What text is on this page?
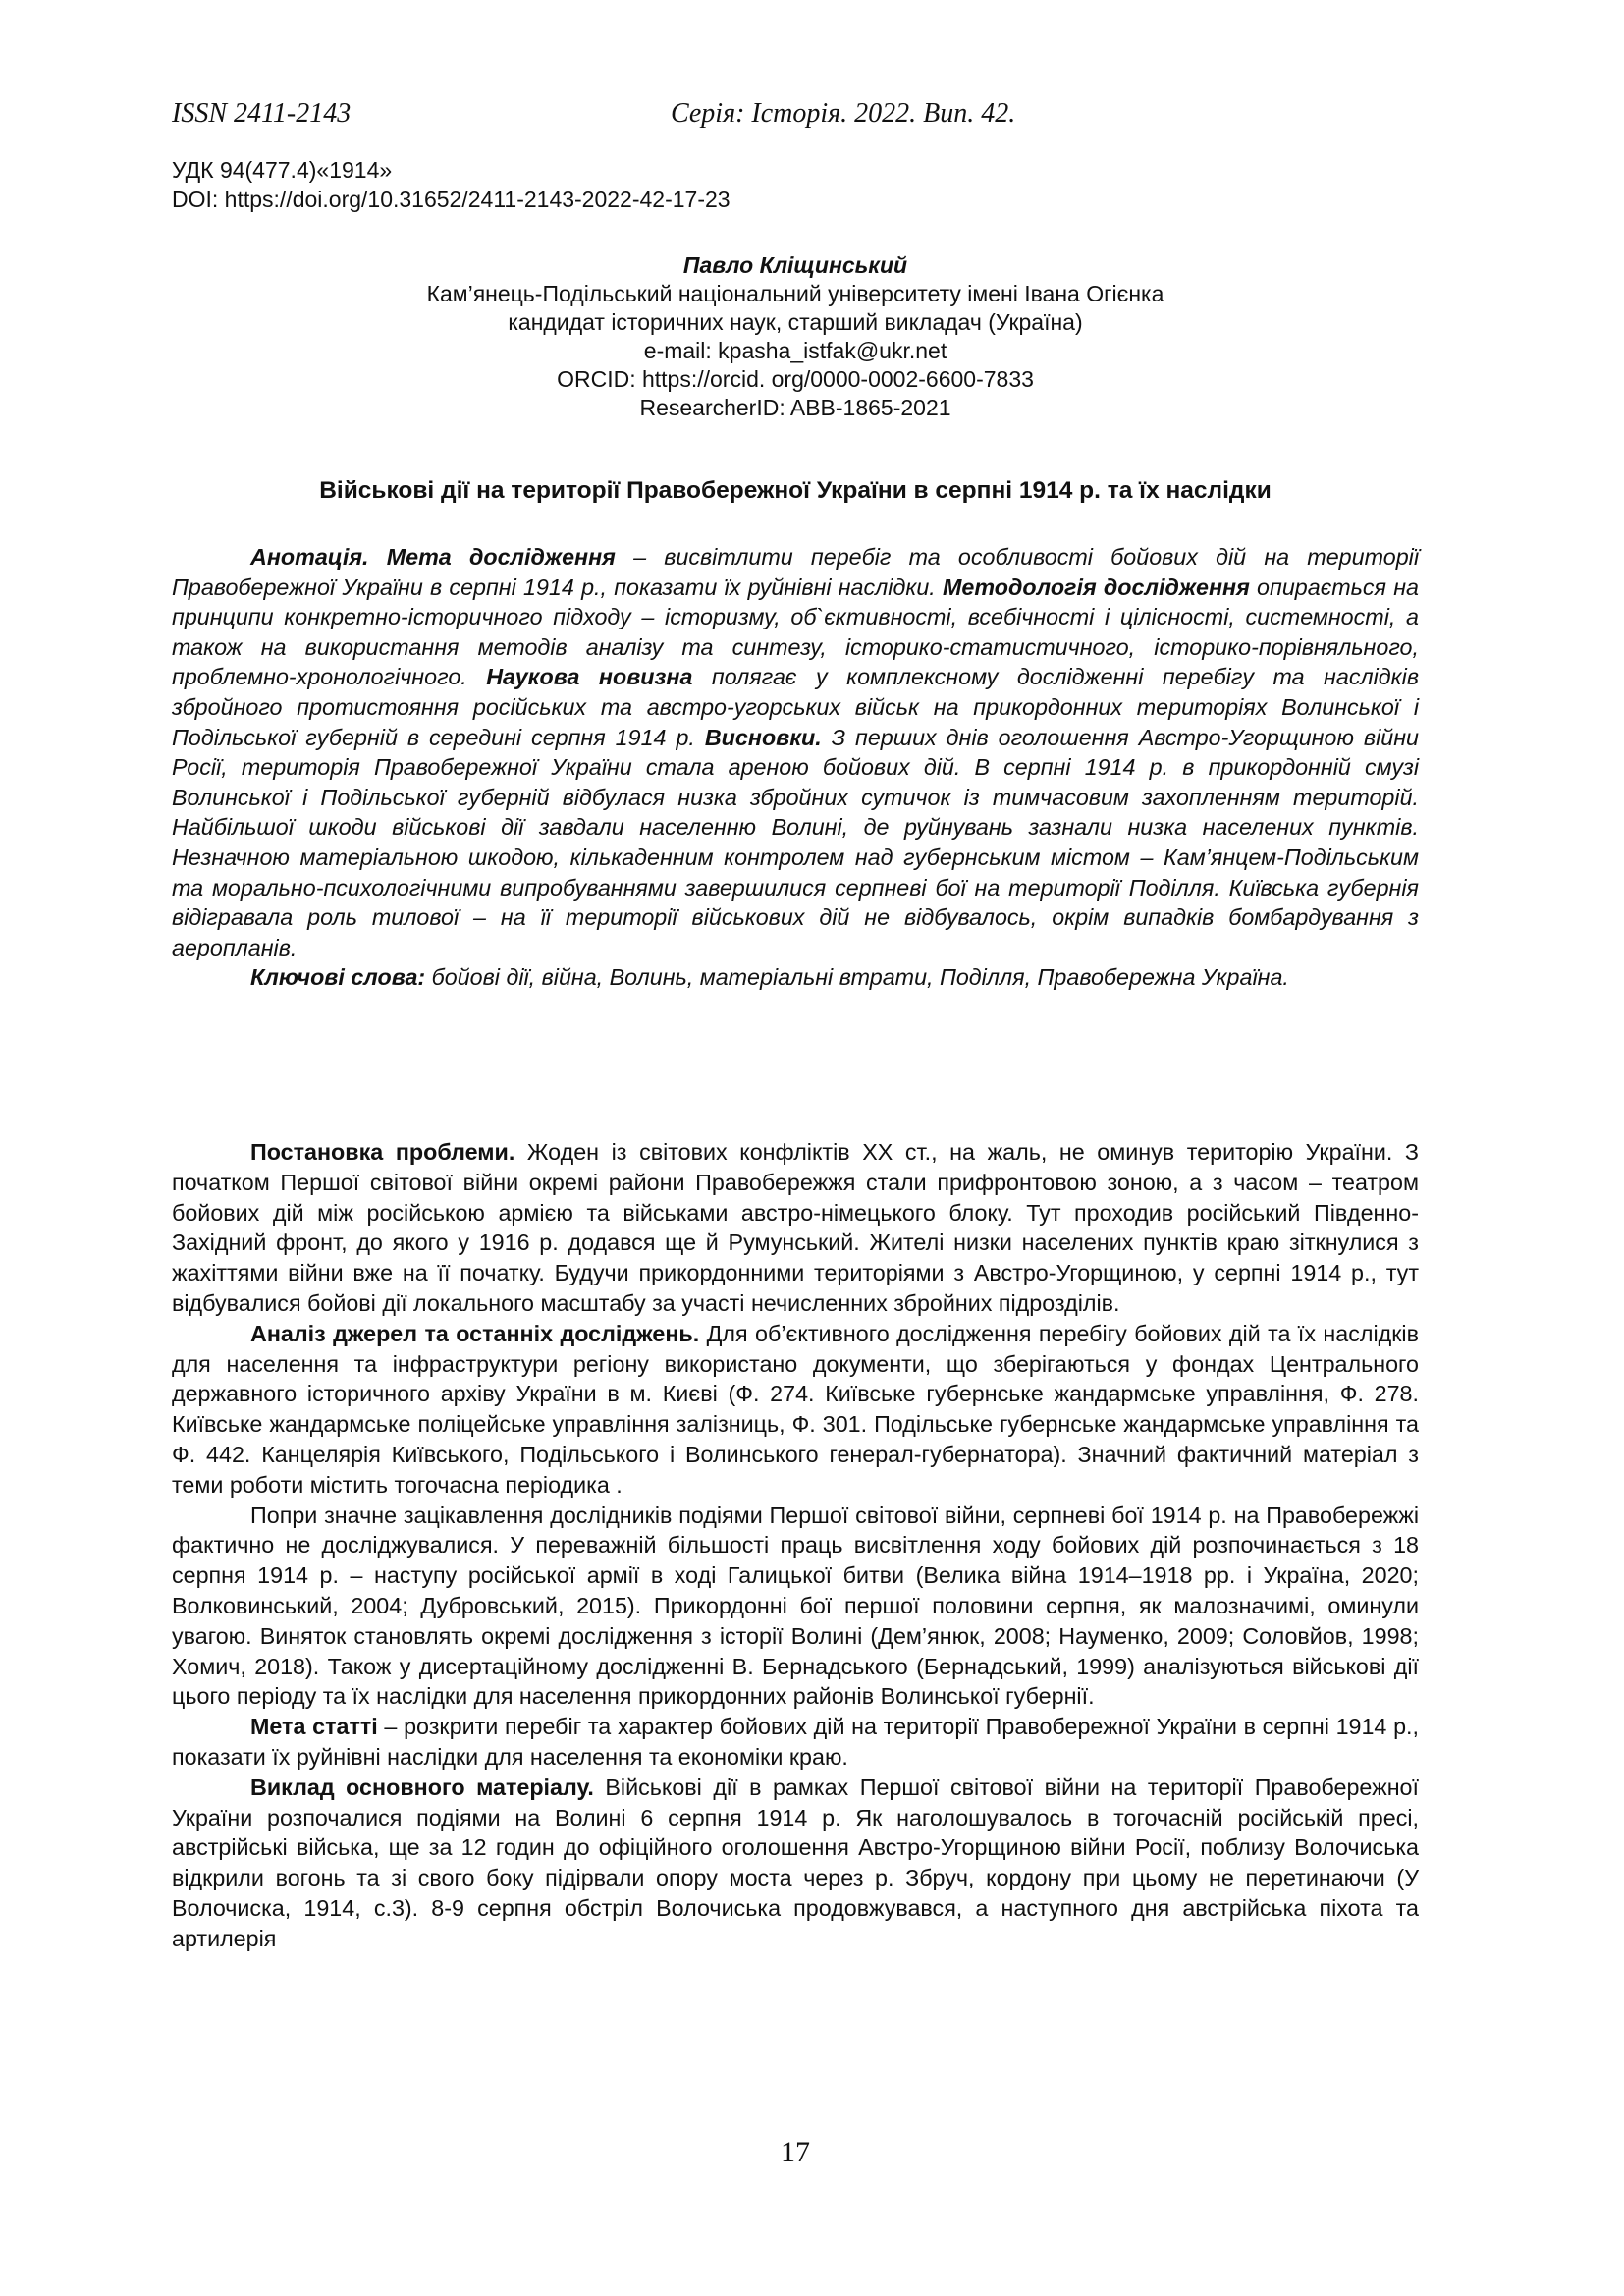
ISSN 2411-2143	Серія: Історія. 2022. Вип. 42.
УДК 94(477.4)«1914»
DOI: https://doi.org/10.31652/2411-2143-2022-42-17-23
Павло Кліщинський
Кам’янець-Подільський національний університету імені Івана Огієнка
кандидат історичних наук, старший викладач (Україна)
e-mail: kpasha_istfak@ukr.net
ORCID: https://orcid. org/0000-0002-6600-7833
ResearcherID: ABB-1865-2021
Військові дії на території Правобережної України в серпні 1914 р. та їх наслідки

Анотація. Мета дослідження – висвітлити перебіг та особливості бойових дій на території Правобережної України в серпні 1914 р., показати їх руйнівні наслідки. Методологія дослідження опирається на принципи конкретно-історичного підходу – історизму, об`єктивності, всебічності і цілісності, системності, а також на використання методів аналізу та синтезу, історико-статистичного, історико-порівняльного, проблемно-хронологічного. Наукова новизна полягає у комплексному дослідженні перебігу та наслідків збройного протистояння російських та австро-угорських військ на прикордонних територіях Волинської і Подільської губерній в середині серпня 1914 р. Висновки. З перших днів оголошення Австро-Угорщиною війни Росії, територія Правобережної України стала ареною бойових дій. В серпні 1914 р. в прикордонній смузі Волинської і Подільської губерній відбулася низка збройних сутичок із тимчасовим захопленням територій. Найбільшої шкоди військові дії завдали населенню Волині, де руйнувань зазнали низка населених пунктів. Незначною матеріальною шкодою, кількаденним контролем над губернським містом – Кам’янцем-Подільським та морально-психологічними випробуваннями завершилися серпневі бої на території Поділля. Київська губернія відігравала роль тилової – на її території військових дій не відбувалось, окрім випадків бомбардування з аеропланів.

Ключові слова: бойові дії, війна, Волинь, матеріальні втрати, Поділля, Правобережна Україна.

Постановка проблеми. Жоден із світових конфліктів ХХ ст., на жаль, не оминув територію України. З початком Першої світової війни окремі райони Правобережжя стали прифронтовою зоною, а з часом – театром бойових дій між російською армією та військами австро-німецького блоку. Тут проходив російський Південно-Західний фронт, до якого у 1916 р. додався ще й Румунський. Жителі низки населених пунктів краю зіткнулися з жахіттями війни вже на її початку. Будучи прикордонними територіями з Австро-Угорщиною, у серпні 1914 р., тут відбувалися бойові дії локального масштабу за участі нечисленних збройних підрозділів.

Аналіз джерел та останніх досліджень. Для об’єктивного дослідження перебігу бойових дій та їх наслідків для населення та інфраструктури регіону використано документи, що зберігаються у фондах Центрального державного історичного архіву України в м. Києві (Ф. 274. Київське губернське жандармське управління, Ф. 278. Київське жандармське поліцейське управління залізниць, Ф. 301. Подільське губернське жандармське управління та Ф. 442. Канцелярія Київського, Подільського і Волинського генерал-губернатора). Значний фактичний матеріал з теми роботи містить тогочасна періодика .

Попри значне зацікавлення дослідників подіями Першої світової війни, серпневі бої 1914 р. на Правобережжі фактично не досліджувалися. У переважній більшості праць висвітлення ходу бойових дій розпочинається з 18 серпня 1914 р. – наступу російської армії в ході Галицької битви (Велика війна 1914–1918 рр. і Україна, 2020; Волковинський, 2004; Дубровський, 2015). Прикордонні бої першої половини серпня, як малозначимі, оминули увагою. Виняток становлять окремі дослідження з історії Волині (Дем’янюк, 2008; Науменко, 2009; Соловйов, 1998; Хомич, 2018). Також у дисертаційному дослідженні В. Бернадського (Бернадський, 1999) аналізуються військові дії цього періоду та їх наслідки для населення прикордонних районів Волинської губернії.

Мета статті – розкрити перебіг та характер бойових дій на території Правобережної України в серпні 1914 р., показати їх руйнівні наслідки для населення та економіки краю.

Виклад основного матеріалу. Військові дії в рамках Першої світової війни на території Правобережної України розпочалися подіями на Волині 6 серпня 1914 р. Як наголошувалось в тогочасній російській пресі, австрійські війська, ще за 12 годин до офіційного оголошення Австро-Угорщиною війни Росії, поблизу Волочиська відкрили вогонь та зі свого боку підірвали опору моста через р. Збруч, кордону при цьому не перетинаючи (У Волочиска, 1914, с.3). 8-9 серпня обстріл Волочиська продовжувався, а наступного дня австрійська піхота та артилерія

17
